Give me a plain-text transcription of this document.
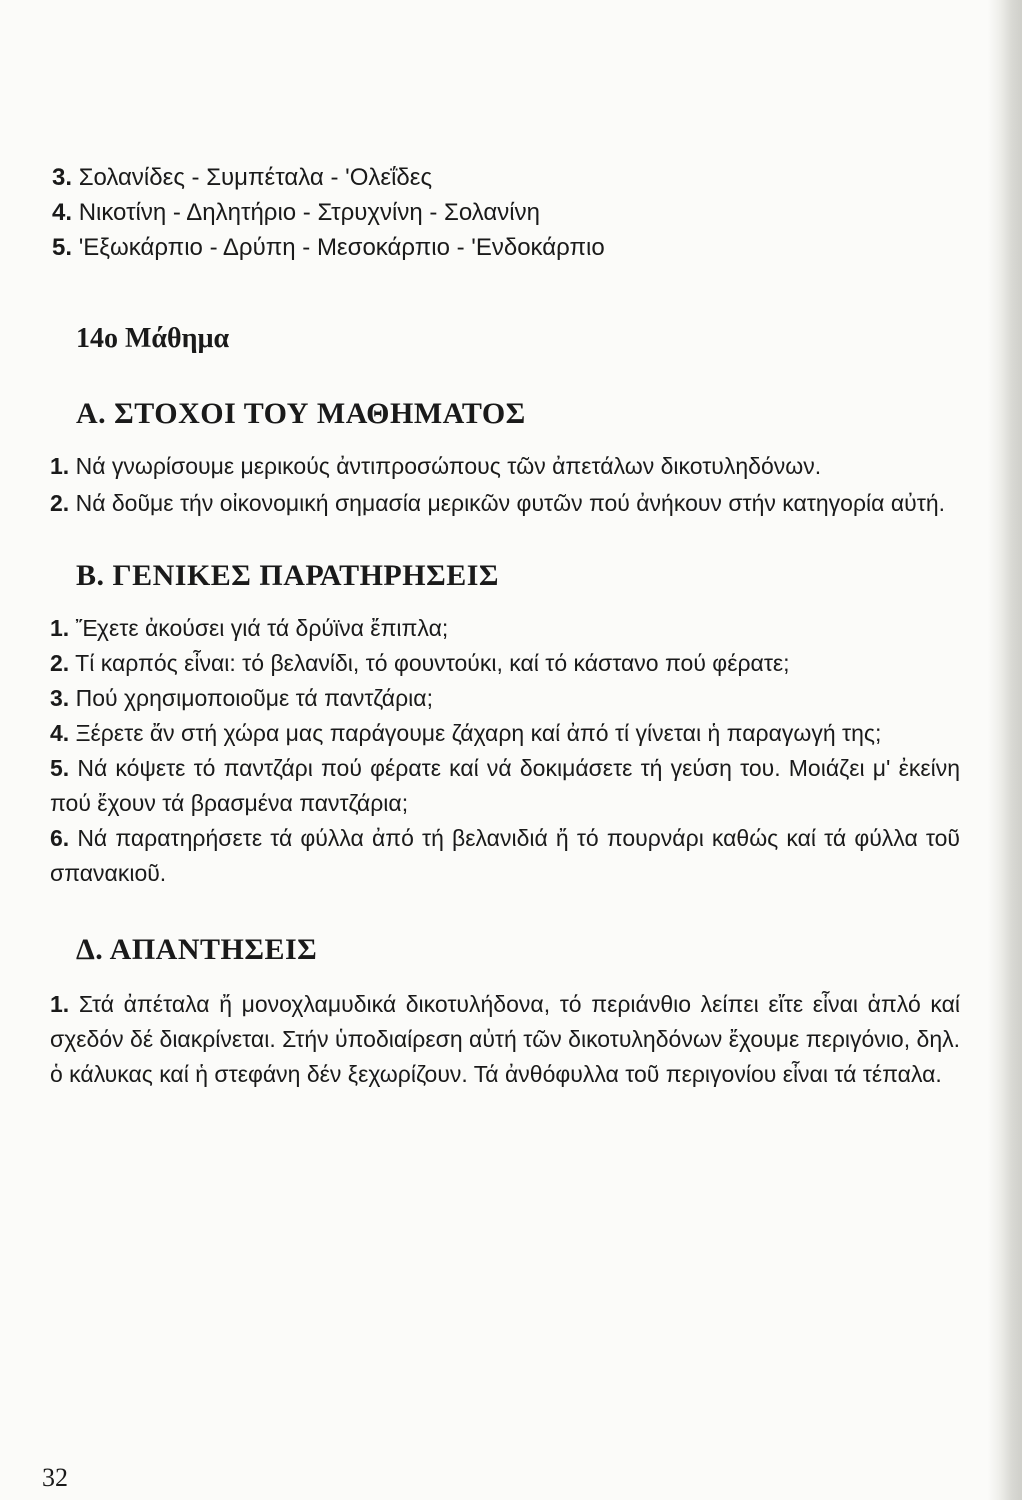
3. Σολανίδες - Συμπέταλα - 'Ολεΐδες
4. Νικοτίνη - Δηλητήριο - Στρυχνίνη - Σολανίνη
5. 'Εξωκάρπιο - Δρύπη - Μεσοκάρπιο - 'Ενδοκάρπιο
14ο Μάθημα
Α. ΣΤΟΧΟΙ ΤΟΥ ΜΑΘΗΜΑΤΟΣ
1. Νά γνωρίσουμε μερικούς ἀντιπροσώπους τῶν ἀπετάλων δικοτυληδόνων.
2. Νά δοῦμε τήν οἰκονομική σημασία μερικῶν φυτῶν πού ἀνήκουν στήν κατηγορία αὐτή.
Β. ΓΕΝΙΚΕΣ ΠΑΡΑΤΗΡΗΣΕΙΣ
1. Ἔχετε ἀκούσει γιά τά δρύϊνα ἔπιπλα;
2. Τί καρπός εἶναι: τό βελανίδι, τό φουντούκι, καί τό κάστανο πού φέρατε;
3. Πού χρησιμοποιοῦμε τά παντζάρια;
4. Ξέρετε ἄν στή χώρα μας παράγουμε ζάχαρη καί ἀπό τί γίνεται ἡ παραγωγή της;
5. Νά κόψετε τό παντζάρι πού φέρατε καί νά δοκιμάσετε τή γεύση του. Μοιάζει μ' ἐκείνη πού ἔχουν τά βρασμένα παντζάρια;
6. Νά παρατηρήσετε τά φύλλα ἀπό τή βελανιδιά ἤ τό πουρνάρι καθώς καί τά φύλλα τοῦ σπανακιοῦ.
Δ. ΑΠΑΝΤΗΣΕΙΣ
1. Στά ἀπέταλα ἤ μονοχλαμυδικά δικοτυλήδονα, τό περιάνθιο λείπει εἴτε εἶναι ἁπλό καί σχεδόν δέ διακρίνεται. Στήν ὑποδιαίρεση αὐτή τῶν δικοτυληδόνων ἔχουμε περιγόνιο, δηλ. ὁ κάλυκας καί ἡ στεφάνη δέν ξεχωρίζουν. Τά ἀνθόφυλλα τοῦ περιγονίου εἶναι τά τέπαλα.
32
